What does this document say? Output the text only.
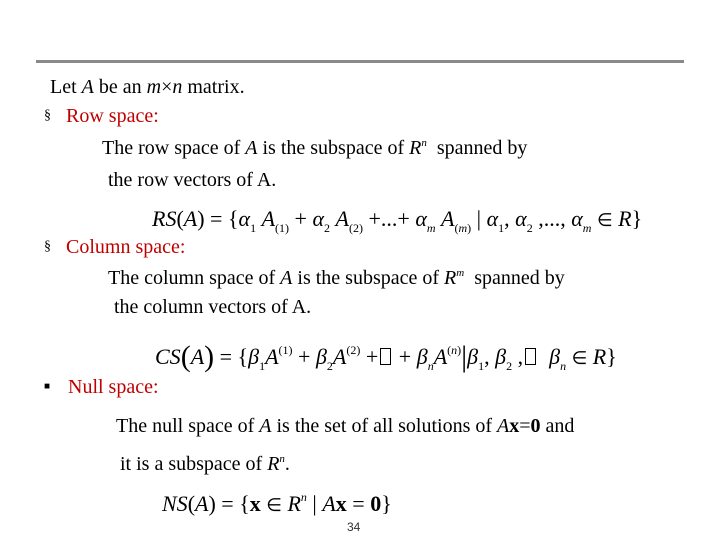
Let A be an m×n matrix.
§ Row space:
The row space of A is the subspace of $R^n$ spanned by
the row vectors of A.
$RS(A) = \{\alpha_1$ $A_{(1)} + \alpha_2$ $A_{(2)}$ +...+ $\alpha_m$ $A_{(m)}$ | $\alpha_1$, $\alpha_2$ ,..., $\alpha_m$ ∈ R}
§ Column space:
The column space of A is the subspace of $R^m$ spanned by
the column vectors of A.
$CS(A) = \{\beta_1A^{(1)} + \beta_2A^{(2)}$ + + $\beta_nA^{(n)}|\beta_1$, $\beta_2$ , $\beta_n$ ∈ R}
■ Null space:
The null space of A is the set of all solutions of Ax=0 and
it is a subspace of $R^n$.
NS(A) = {x ∈ $R^n$ | Ax = 0}
34
